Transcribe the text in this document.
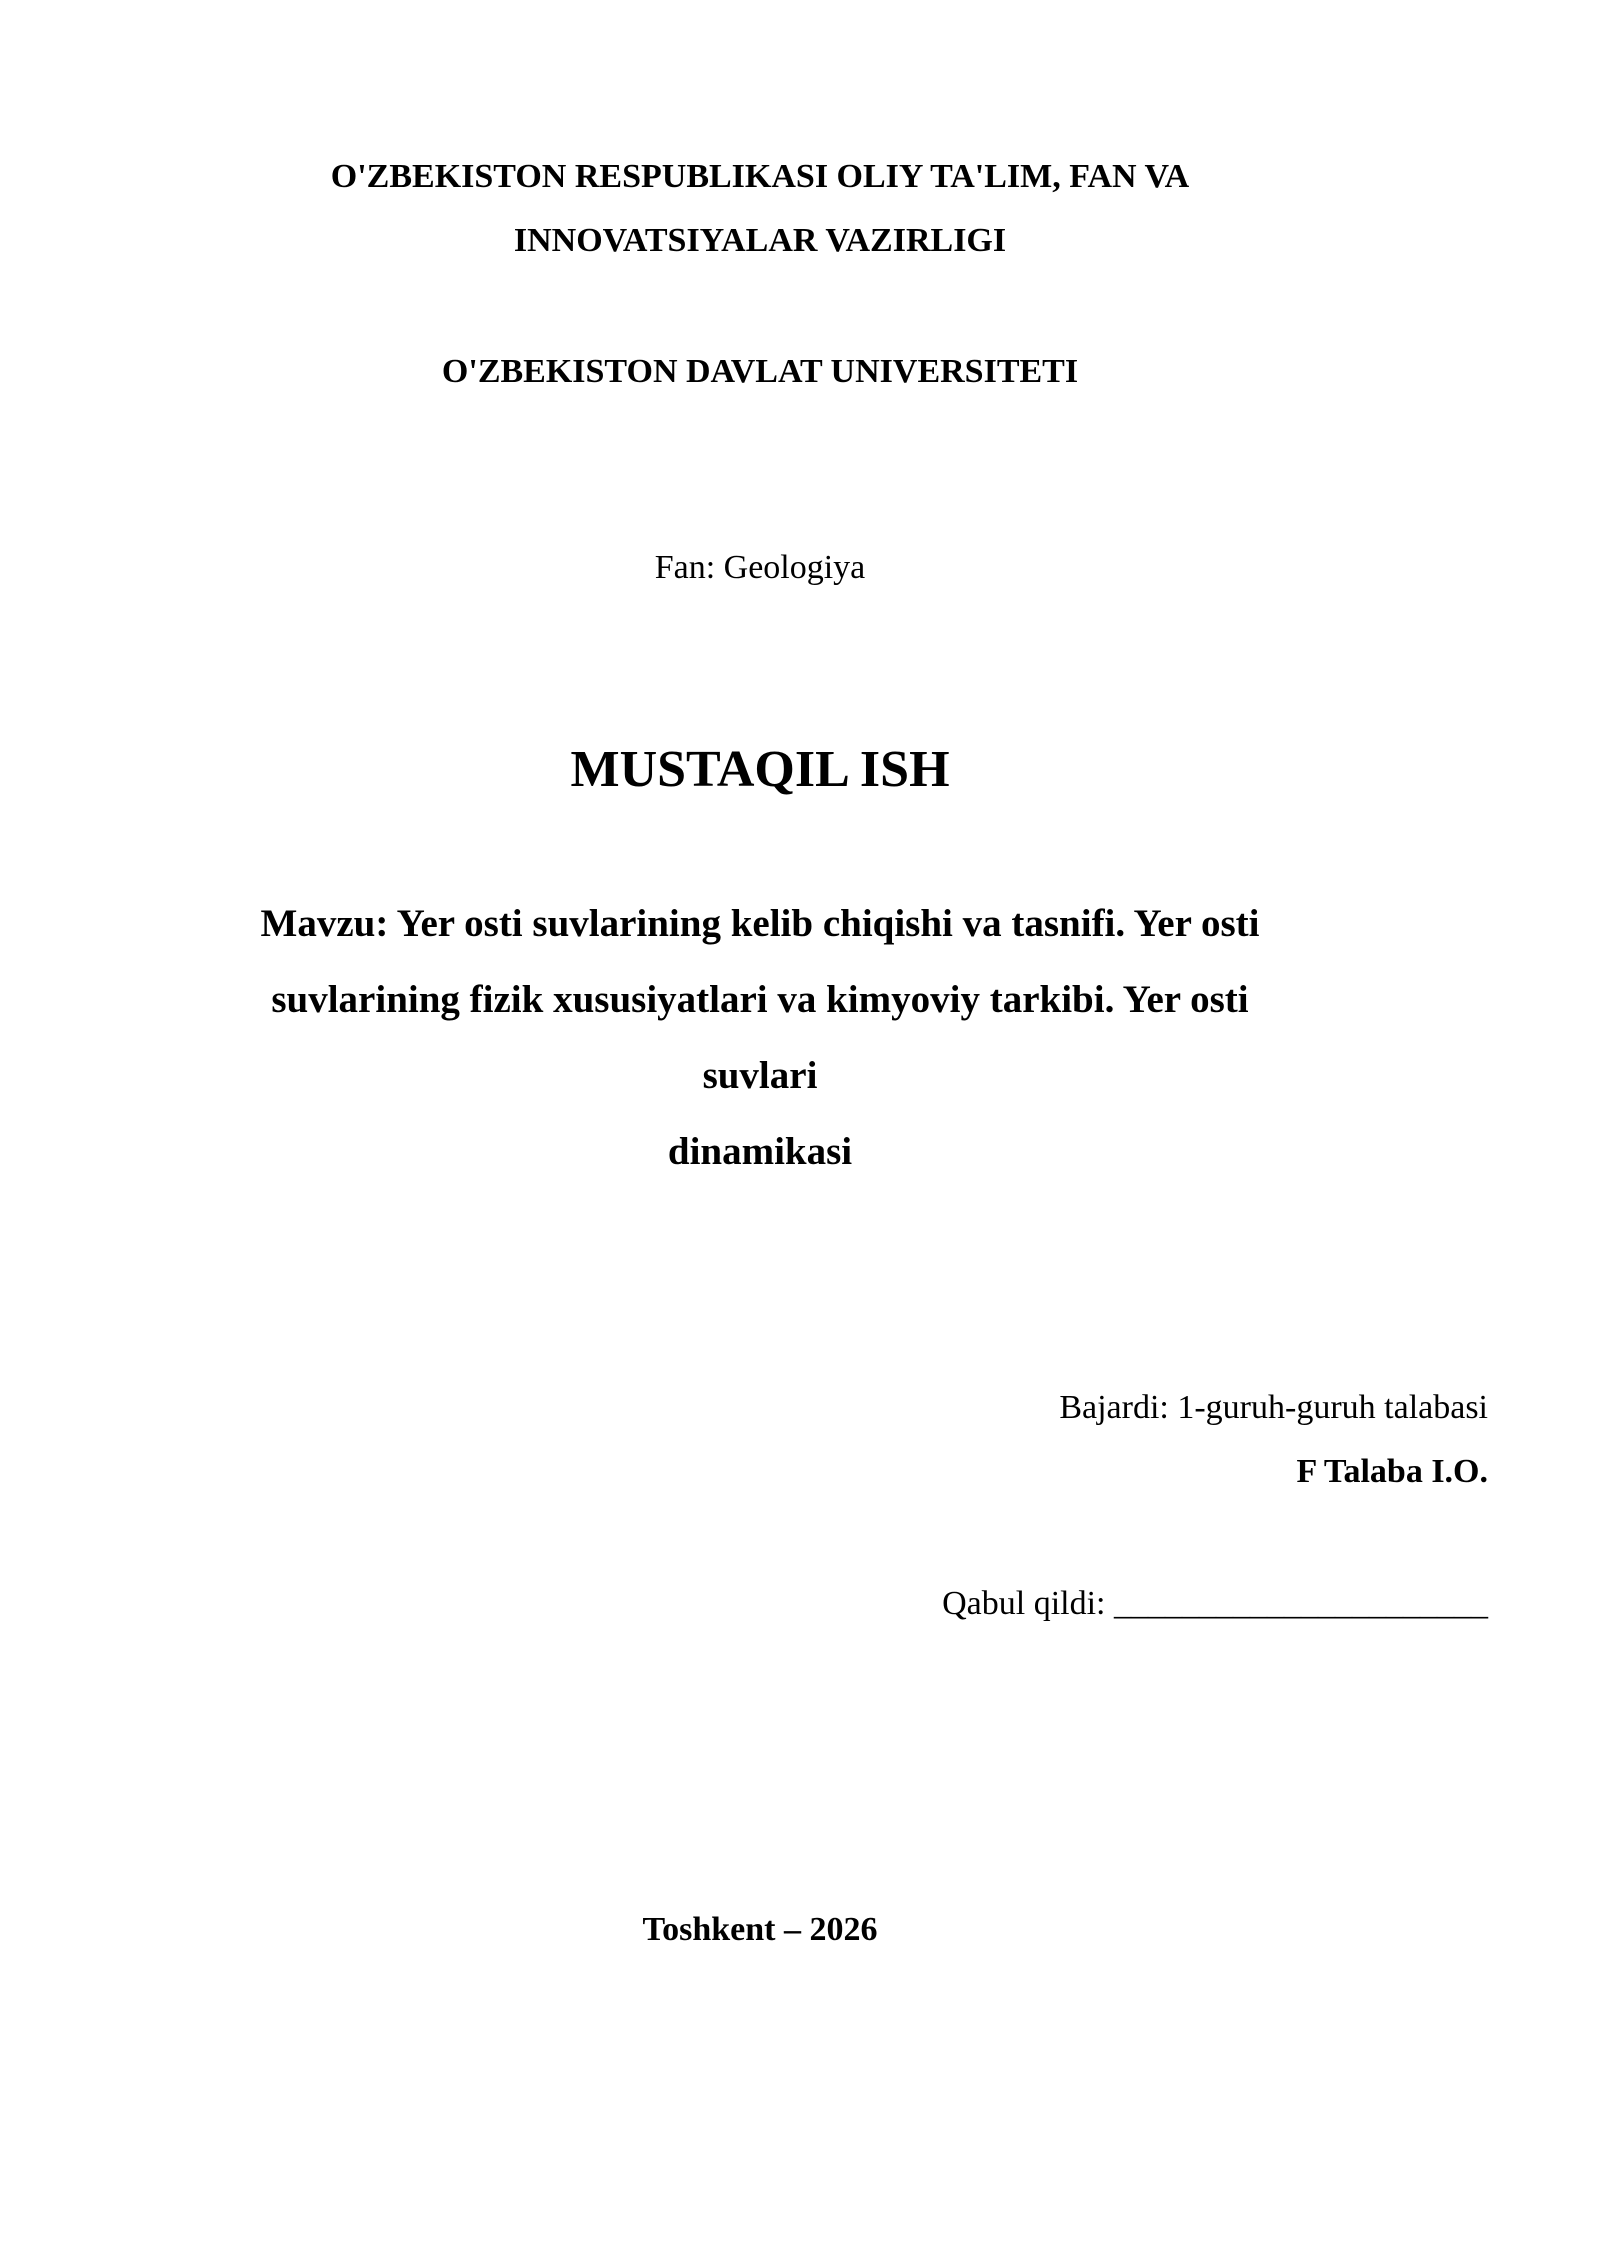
O'ZBEKISTON RESPUBLIKASI OLIY TA'LIM, FAN VA
INNOVATSIYALAR VAZIRLIGI
O'ZBEKISTON DAVLAT UNIVERSITETI
Fan: Geologiya
MUSTAQIL ISH
Mavzu: Yer osti suvlarining kelib chiqishi va tasnifi. Yer osti
suvlarining fizik xususiyatlari va kimyoviy tarkibi. Yer osti suvlari
dinamikasi
Bajardi: 1-guruh-guruh talabasi
F Talaba I.O.
Qabul qildi: ______________________
Toshkent – 2026
